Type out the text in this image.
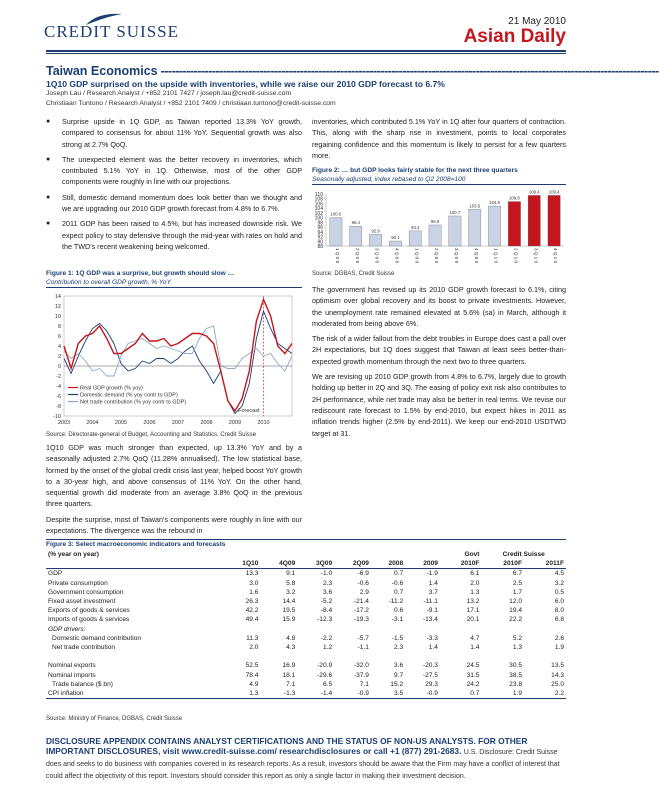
21 May 2010
CREDIT SUISSE	Asian Daily
Taiwan Economics ----------------------------------------------------------------------------------------------------------------------------------------
1Q10 GDP surprised on the upside with inventories, while we raise our 2010 GDP forecast to 6.7%
Joseph Lau / Research Analyst / +852 2101 7427 / joseph.lau@credit-suisse.com
Christiaan Tuntono / Research Analyst / +852 2101 7409 / christiaan.tuntono@credit-suisse.com
● Surprise upside in 1Q GDP, as Taiwan reported 13.3% YoY growth, compared to consensus for about 11% YoY. Sequential growth was also strong at 2.7% QoQ.
● The unexpected element was the better recovery in inventories, which contributed 5.1% YoY in 1Q. Otherwise, most of the other GDP components were roughly in line with our projections.
● Still, domestic demand momentum does look better than we thought and we are upgrading our 2010 GDP growth forecast from 4.8% to 6.7%.
● 2011 GDP has been raised to 4.5%, but has increased downside risk. We expect policy to stay defensive through the mid-year with rates on hold and the TWD's recent weakening being welcomed.
Figure 1: 1Q GDP was a surprise, but growth should slow …
Contribution to overall GDP growth, % YoY
14
12
10
8
6
4
2
0
-2
-4
-6
-8
-10
2003	2004	2005	2006	2007	2008	2009	2010
Forecast
Real GDP growth (% yoy)
Domestic demand (% yoy contr to GDP)
Net trade contribution (% yoy contr to GDP)
Source: Directorate-general of Budget, Accounting and Statistics, Credit Suisse

1Q10 GDP was much stronger than expected, up 13.3% YoY and by a seasonally adjusted 2.7% QoQ (11.28% annualised). The low statistical base, formed by the onset of the global credit crisis last year, helped boost YoY growth to a 30-year high, and above consensus of 11% YoY. On the other hand, sequential growth did moderate from an average 3.8% QoQ in the previous three quarters.

Despite the surprise, most of Taiwan's components were roughly in line with our expectations. The divergence was the rebound in

inventories, which contributed 5.1% YoY in 1Q after four quarters of contraction. This, along with the sharp rise in investment, points to local corporates regaining confidence and this momentum is likely to persist for a few quarters more.
Figure 2: … but GDP looks fairly stable for the next three quarters
Seasonally adjusted, index rebased to Q2 2008=100
88
90
92
94
96
98
100
102
104
106
108
110
100.0
1 Q 0 8
96.4
2 Q 0 8
92.9
3 Q 0 8
90.1
4 Q 0 8
94.4
1 Q 0 9
96.9
2 Q 0 9
100.7
3 Q 0 9
103.5
4 Q 0 9
104.9
1 Q 1 0
106.8
2 Q 1 0
109.4
3 Q 1 0
109.4
4 Q 1 0
Source: DGBAS, Credit Suisse

The government has revised up its 2010 GDP growth forecast to 6.1%, citing optimism over global recovery and its boost to private investments. However, the unemployment rate remained elevated at 5.6% (sa) in March, although it moderated from being above 6%.

The risk of a wider fallout from the debt troubles in Europe does cast a pall over 2H expectations, but 1Q does suggest that Taiwan at least sees better-than-expected growth momentum through the next two to three quarters.

We are revising up 2010 GDP growth from 4.8% to 6.7%, largely due to growth holding up better in 2Q and 3Q. The easing of policy exit risk also contributes to 2H performance, while net trade may also be better in real terms. We revise our rediscount rate forecast to 1.5% by end-2010, but expect hikes in 2011 as inflation trends higher (2.5% by end-2011). We keep our end-2010 USDTWD target at 31.

Figure 3: Select macroeconomic indicators and forecasts
(% year on year)							Govt	Credit Suisse	
	1Q10	4Q09	3Q09	2Q09	2008	2009	2010F	2010F	2011F
GDP	13.3	9.1	-1.0	-6.9	0.7	-1.9	6.1	6.7	4.5
Private consumption	3.0	5.8	2.3	-0.6	-0.6	1.4	2.0	2.5	3.2
Government consumption	1.6	3.2	3.6	2.9	0.7	3.7	1.3	1.7	0.5
Fixed asset investment	26.3	14.4	-5.2	-21.4	-11.2	-11.1	13.2	12.0	6.0
Exports of goods & services	42.2	19.5	-8.4	-17.2	0.6	-9.1	17.1	19.4	8.0
Imports of goods & services	49.4	15.9	-12.3	-19.3	-3.1	-13.4	20.1	22.2	6.8
GDP drivers:									
Domestic demand contribution	11.3	4.8	-2.2	-5.7	-1.5	-3.3	4.7	5.2	2.6
Net trade contribution	2.0	4.3	1.2	-1.1	2.3	1.4	1.4	1.3	1.9

Nominal exports	52.5	16.9	-20.9	-32.0	3.6	-20.3	24.5	30.5	13.5
Nominal imports	78.4	18.1	-29.6	-37.9	9.7	-27.5	31.5	38.5	14.3
Trade balance ($ bn)	4.9	7.1	6.5	7.1	15.2	29.3	24.2	23.8	25.0
CPI inflation	1.3	-1.3	-1.4	-0.9	3.5	-0.9	0.7	1.9	2.2
Source: Ministry of Finance, DGBAS, Credit Suisse
DISCLOSURE APPENDIX CONTAINS ANALYST CERTIFICATIONS AND THE STATUS OF NON-US ANALYSTS. FOR OTHER IMPORTANT DISCLOSURES, visit www.credit-suisse.com/ researchdisclosures or call +1 (877) 291-2683. U.S. Disclosure: Credit Suisse does and seeks to do business with companies covered in its research reports. As a result, investors should be aware that the Firm may have a conflict of interest that could affect the objectivity of this report. Investors should consider this report as only a single factor in making their investment decision.
